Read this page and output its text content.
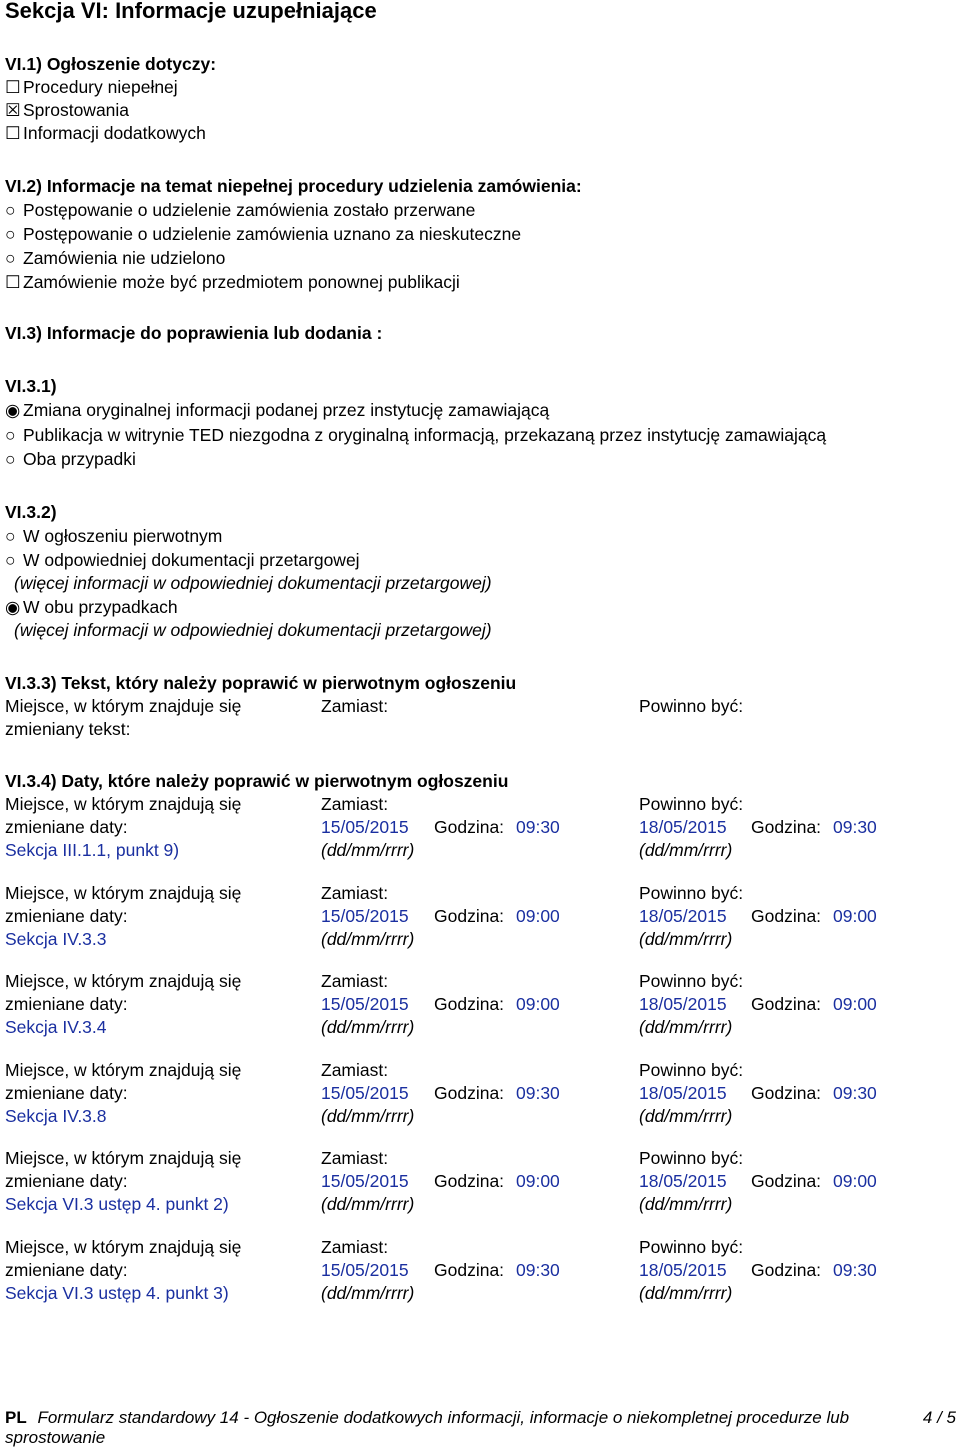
Sekcja VI: Informacje uzupełniające
VI.1) Ogłoszenie dotyczy:
☐ Procedury niepełnej
☒ Sprostowania
☐ Informacji dodatkowych
VI.2) Informacje na temat niepełnej procedury udzielenia zamówienia:
○ Postępowanie o udzielenie zamówienia zostało przerwane
○ Postępowanie o udzielenie zamówienia uznano za nieskuteczne
○ Zamówienia nie udzielono
☐ Zamówienie może być przedmiotem ponownej publikacji
VI.3) Informacje do poprawienia lub dodania :
VI.3.1)
◉ Zmiana oryginalnej informacji podanej przez instytucję zamawiającą
○ Publikacja w witrynie TED niezgodna z oryginalną informacją, przekazaną przez instytucję zamawiającą
○ Oba przypadki
VI.3.2)
○ W ogłoszeniu pierwotnym
○ W odpowiedniej dokumentacji przetargowej
(więcej informacji w odpowiedniej dokumentacji przetargowej)
◉ W obu przypadkach
(więcej informacji w odpowiedniej dokumentacji przetargowej)
VI.3.3) Tekst, który należy poprawić w pierwotnym ogłoszeniu
Miejsce, w którym znajduje się	Zamiast:	Powinno być:
zmieniany tekst:
VI.3.4) Daty, które należy poprawić w pierwotnym ogłoszeniu
Miejsce, w którym znajdują się	Zamiast:	Powinno być:
zmieniane daty:	15/05/2015 Godzina: 09:30	18/05/2015 Godzina: 09:30
Sekcja III.1.1, punkt 9)	(dd/mm/rrrr)	(dd/mm/rrrr)
Miejsce, w którym znajdują się	Zamiast:	Powinno być:
zmieniane daty:	15/05/2015 Godzina: 09:00	18/05/2015 Godzina: 09:00
Sekcja IV.3.3	(dd/mm/rrrr)	(dd/mm/rrrr)
Miejsce, w którym znajdują się	Zamiast:	Powinno być:
zmieniane daty:	15/05/2015 Godzina: 09:00	18/05/2015 Godzina: 09:00
Sekcja IV.3.4	(dd/mm/rrrr)	(dd/mm/rrrr)
Miejsce, w którym znajdują się	Zamiast:	Powinno być:
zmieniane daty:	15/05/2015 Godzina: 09:30	18/05/2015 Godzina: 09:30
Sekcja IV.3.8	(dd/mm/rrrr)	(dd/mm/rrrr)
Miejsce, w którym znajdują się	Zamiast:	Powinno być:
zmieniane daty:	15/05/2015 Godzina: 09:00	18/05/2015 Godzina: 09:00
Sekcja VI.3 ustęp 4. punkt 2)	(dd/mm/rrrr)	(dd/mm/rrrr)
Miejsce, w którym znajdują się	Zamiast:	Powinno być:
zmieniane daty:	15/05/2015 Godzina: 09:30	18/05/2015 Godzina: 09:30
Sekcja VI.3 ustęp 4. punkt 3)	(dd/mm/rrrr)	(dd/mm/rrrr)
PL Formularz standardowy 14 - Ogłoszenie dodatkowych informacji, informacje o niekompletnej procedurze lub
sprostowanie
4 / 5
